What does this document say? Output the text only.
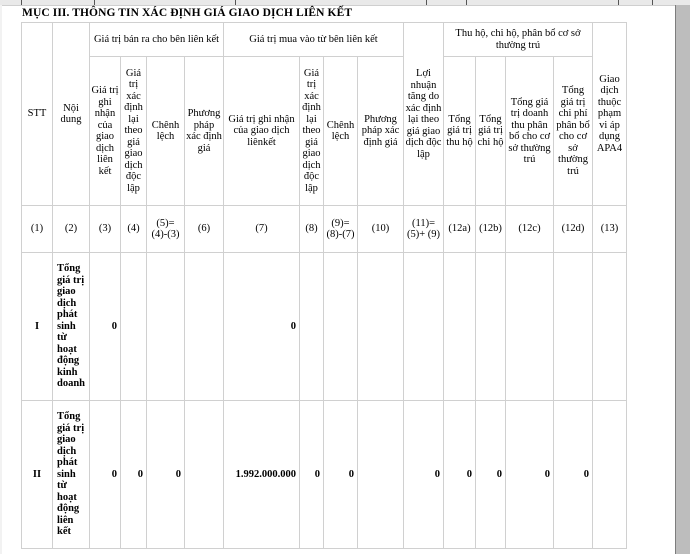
MỤC III. THÔNG TIN XÁC ĐỊNH GIÁ GIAO DỊCH LIÊN KẾT
STT	Nội dung	Giá trị bán ra cho bên liên kết				Giá trị mua vào từ bên liên kết				Lợi nhuận tăng do xác định lại theo giá giao dịch độc lập	Thu hộ, chi hộ, phân bổ cơ sở thường trú				Giao dịch thuộc phạm vi áp dụng APA4
		Giá trị ghi nhận của giao dịch liên kết	Giá trị xác định lại theo giá giao dịch độc lập	Chênh lệch	Phương pháp xác định giá	Giá trị ghi nhận của giao dịch liênkết	Giá trị xác định lại theo giá giao dịch độc lập	Chênh lệch	Phương pháp xác định giá		Tổng giá trị thu hộ	Tổng giá trị chi hộ	Tổng giá trị doanh thu phân bổ cho cơ sở thường trú	Tổng giá trị chi phí phân bổ cho cơ sở thường trú	
(1)	(2)	(3)	(4)	(5)= (4)-(3)	(6)	(7)	(8)	(9)= (8)-(7)	(10)	(11)= (5)+ (9)	(12a)	(12b)	(12c)	(12d)	(13)
I	Tổng giá trị giao dịch phát sinh từ hoạt động kinh doanh	0				0									
II	Tổng giá trị giao dịch phát sinh từ hoạt động liên kết	0	0	0		1.992.000.000	0	0		0	0	0	0	0	
